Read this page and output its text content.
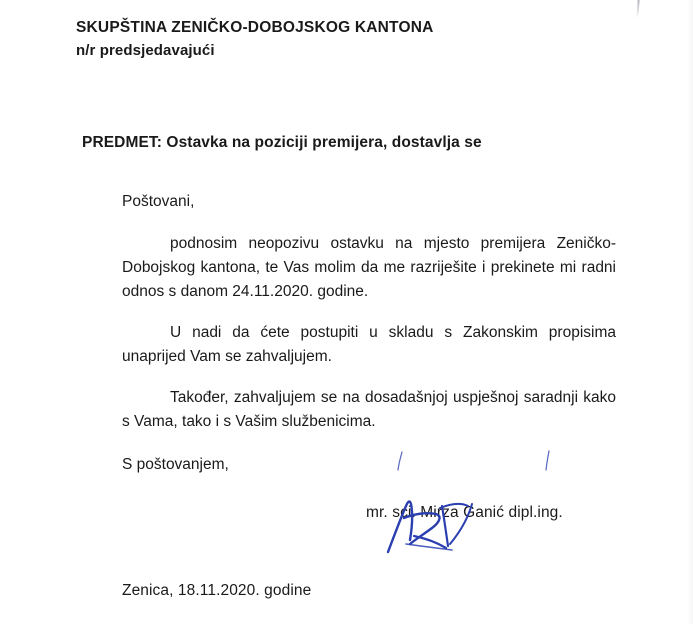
SKUPŠTINA ZENIČKO-DOBOJSKOG KANTONA
n/r predsjedavajući
PREDMET: Ostavka na poziciji premijera, dostavlja se

Poštovani,

podnosim neopozivu ostavku na mjesto premijera Zeničko-Dobojskog kantona, te Vas molim da me razriješite i prekinete mi radni odnos s danom 24.11.2020. godine.

U nadi da ćete postupiti u skladu s Zakonskim propisima unaprijed Vam se zahvaljujem.

Također, zahvaljujem se na dosadašnjoj uspješnoj saradnji kako s Vama, tako i s Vašim službenicima.

S poštovanjem,

mr. sci. Mirza Ganić dipl.ing.
Zenica, 18.11.2020. godine
